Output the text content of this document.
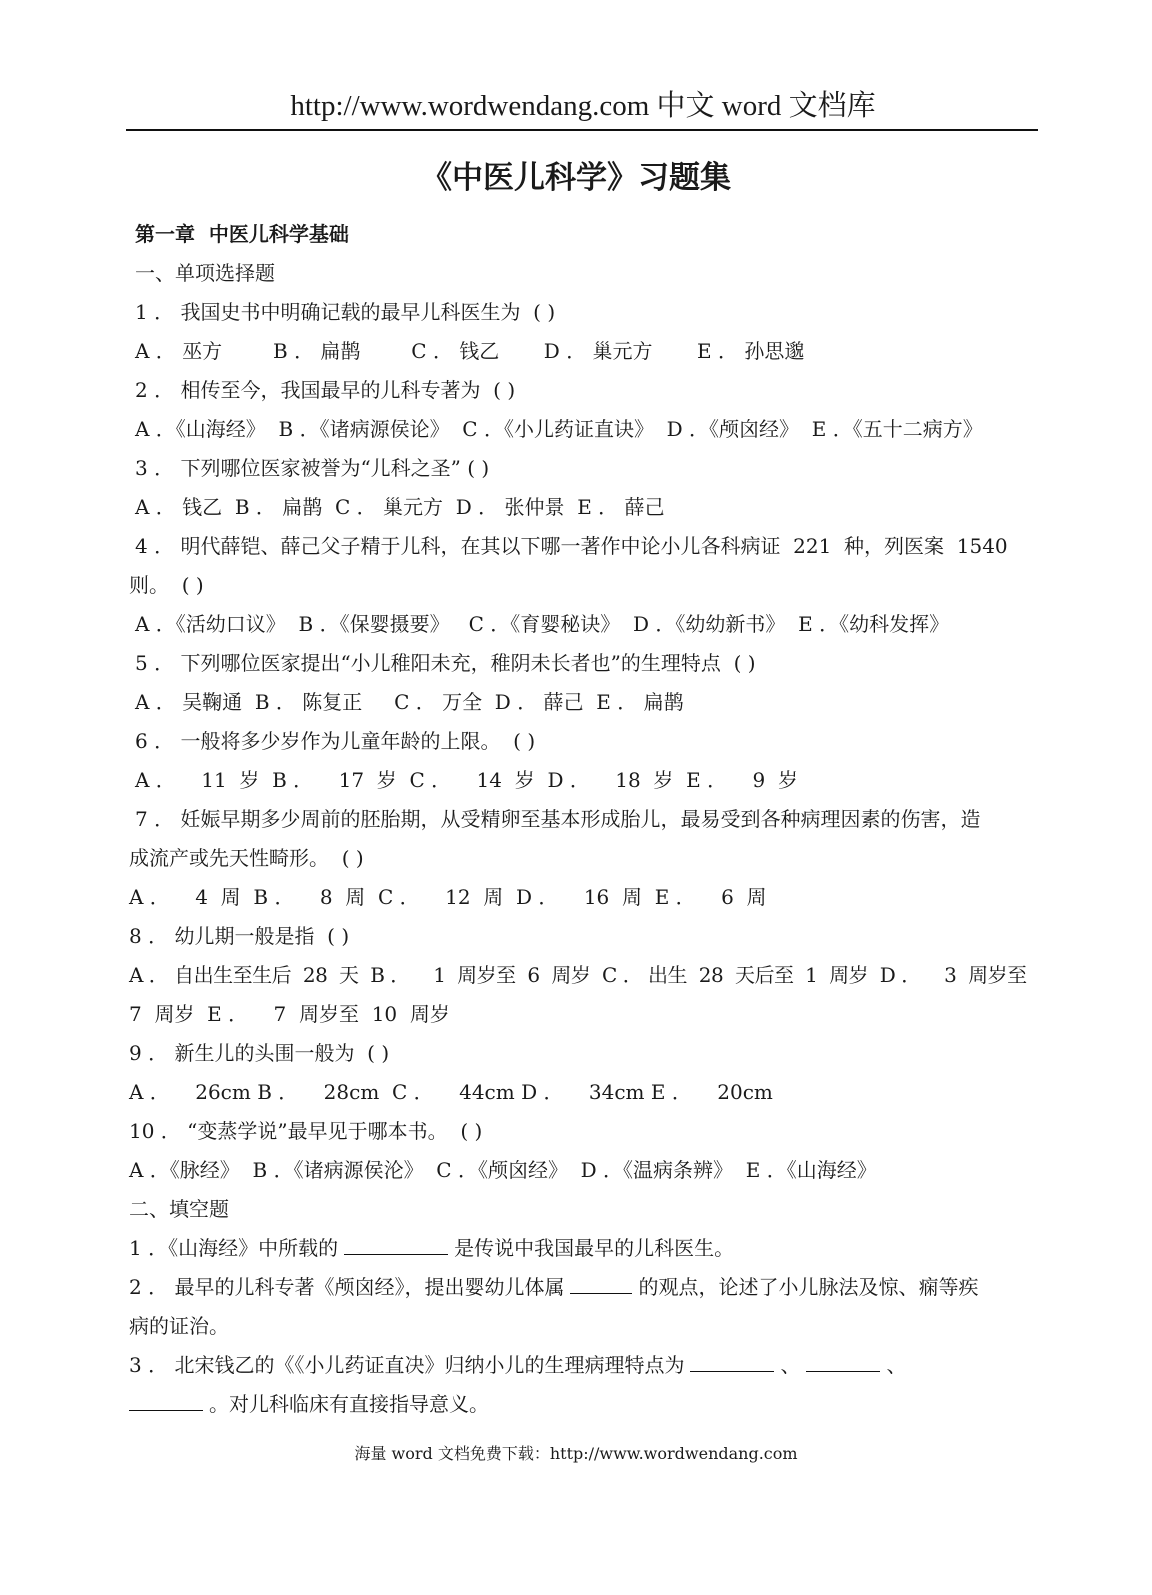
http://www.wordwendang.com 中文 word 文档库
《中医儿科学》习题集
第一章  中医儿科学基础
一、单项选择题
1 ． 我国史书中明确记载的最早儿科医生为  ( )
A ． 巫方        B ． 扁鹊        C ． 钱乙       D ． 巢元方       E ． 孙思邈
2 ． 相传至今，我国最早的儿科专著为  ( )
A ．《山海经》  B ．《诸病源侯论》  C ．《小儿药证直诀》  D ．《颅囟经》  E ．《五十二病方》
3 ． 下列哪位医家被誉为“儿科之圣” ( )
A ． 钱乙  B ． 扁鹊  C ． 巢元方  D ． 张仲景  E ． 薛己
4 ． 明代薛铠、薛己父子精于儿科，在其以下哪一著作中论小儿各科病证  221  种，列医案  1540
则。  ( )
A ．《活幼口议》  B ．《保婴摄要》   C ．《育婴秘诀》  D ．《幼幼新书》  E ．《幼科发挥》
5 ． 下列哪位医家提出“小儿稚阳未充，稚阴未长者也”的生理特点  ( )
A ． 吴鞠通  B ． 陈复正     C ． 万全  D ． 薛己  E ． 扁鹊
6 ． 一般将多少岁作为儿童年龄的上限。  ( )
A ．    11  岁  B ．    17  岁  C ．    14  岁  D ．    18  岁  E ．    9  岁
7 ． 妊娠早期多少周前的胚胎期，从受精卵至基本形成胎儿，最易受到各种病理因素的伤害，造
成流产或先天性畸形。  ( )
A ．    4  周  B ．    8  周  C ．    12  周  D ．    16  周  E ．    6  周
8 ． 幼儿期一般是指  ( )
A ． 自出生至生后  28  天  B ．    1  周岁至  6  周岁  C ． 出生  28  天后至  1  周岁  D ．    3  周岁至
7  周岁  E ．    7  周岁至  10  周岁
9 ． 新生儿的头围一般为  ( )
A ．    26cm B ．    28cm  C ．    44cm D ．    34cm E ．    20cm
10 ． “变蒸学说”最早见于哪本书。  ( )
A ．《脉经》  B ．《诸病源侯沦》  C ．《颅囟经》  D ．《温病条辨》  E ．《山海经》
二、填空题
1 ．《山海经》中所载的	是传说中我国最早的儿科医生。
2 ． 最早的儿科专著《颅囟经》，提出婴幼儿体属	的观点，论述了小儿脉法及惊、痫等疾
病的证治。
3 ． 北宋钱乙的《《小儿药证直决》归纳小儿的生理病理特点为	、	、
。对儿科临床有直接指导意义。
海量 word 文档免费下载：http://www.wordwendang.com
